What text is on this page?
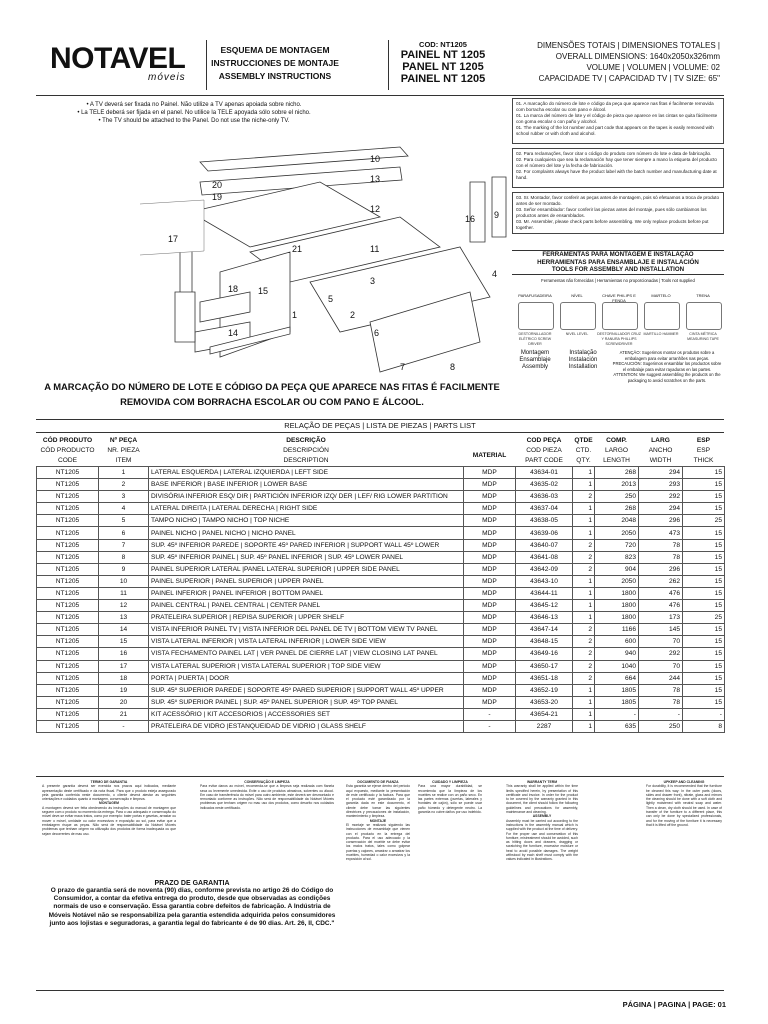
NOTAVEL
móveis
ESQUEMA DE MONTAGEM
INSTRUCCIONES DE MONTAJE
ASSEMBLY INSTRUCTIONS
COD: NT1205
PAINEL NT 1205
PANEL NT 1205
PAINEL NT 1205
DIMENSÕES TOTAIS | DIMENSIONES TOTALES |
OVERALL DIMENSIONS: 1640x2050x326mm
VOLUME | VOLUMEN | VOLUME: 02
CAPACIDADE TV | CAPACIDAD TV | TV SIZE: 65"
• A TV deverá ser fixada no Painel. Não utilize a TV apenas apoiada sobre nicho.
• La TELE deberá ser fijada en el panel. No utilice la TELE apoyada sólo sobre el nicho.
• The TV should be attached to the Panel. Do not use the niche-only TV.
10
13
20
19
17
12
16 9
11
4
3
1
5
2
6
18 15
14
7
21
8
01. A marcação do número de lote e código da peça que aparece nas fitas é facilmente removida com borracha escolar ou com pano e álcool.
01. La marca del número de lote y el código de pieza que aparece en las cintas se quita fácilmente con goma escolar o con paño y alcohol.
01. The marking of the lot number and part code that appears on the tapes is easily removed with school rubber or with cloth and alcohol.
02. Para reclamações, favor citar o código do produto com número do lote e data de fabricação.
02. Para cualquiera que sea la reclamación hay que tener siempre a mano la etiqueta del producto con el número del lote y la fecha de fabricación.
02. For complaints always have the product label with the batch number and manufacturing date at hand.
03. Sr. Montador, favor conferir as peças antes de montagem, pois só efetuamos a troca de produto antes de ser montado.
03. Señor ensamblador: favor conferir las piezas antes del montaje, pues sólo cambiamos los productos antes de ensamblados.
03. Mr. Assembler, please check parts before assembling. We only replace products before put together.
FERRAMENTAS PARA MONTAGEM E INSTALAÇÃO
HERRAMIENTAS PARA ENSAMBLAJE E INSTALACIÓN
TOOLS FOR ASSEMBLY AND INSTALLATION
Ferramentas não fornecidas | Herramientas no proporcionadas | Tools not supplied
PARAFUSADEIRA	NÍVEL	CHAVE PHILIPS E FENDA
MARTELO	TRENA
DESTORNILLADOR ELÉTRICO SCREW DRIVER
NIVEL LEVEL	DESTORNILLADOR CRUZ Y RANURA PHILLIPS SCREWDRIVER
MARTILLO HAMMER	CINTA MÉTRICA MEASURING TAPE
Montagem
Ensamblaje
Assembly
Instalação
Instalación
Installation
ATENÇÃO: Sugerimos montar os produtos sobre a embalagem para evitar arranhões nas peças.
PRECAUCIÓN: Sugerimos ensamblar los productos sobre el embalaje para evitar rayaduras en las partes.
ATTENTION: We suggest assembling the products on the packaging to avoid scratches on the parts.
A MARCAÇÃO DO NÚMERO DE LOTE E CÓDIGO DA PEÇA QUE APARECE NAS FITAS É FACILMENTE REMOVIDA COM BORRACHA ESCOLAR OU COM PANO E ÁLCOOL.
RELAÇÃO DE PEÇAS | LISTA DE PIEZAS | PARTS LIST
CÓD PRODUTO
CÓD PRODUCTO
CODE	Nº PEÇA
NR. PIEZA
ITEM	DESCRIÇÃO
DESCRIPCIÓN
DESCRIPTION	MATERIAL	COD PEÇA
COD PIEZA
PART CODE	QTDE
CTD.
QTY.	COMP.
LARGO
LENGTH	LARG
ANCHO
WIDTH	ESP
ESP
THICK
NT1205	1	LATERAL ESQUERDA | LATERAL IZQUIERDA | LEFT SIDE	MDP	43634-01	1	268	294	15
NT1205	2	BASE INFERIOR | BASE INFERIOR | LOWER BASE	MDP	43635-02	1	2013	293	15
NT1205	3	DIVISÓRIA INFERIOR ESQ/ DIR | PARTICIÓN INFERIOR IZQ/ DER | LEF/ RIG LOWER PARTITION	MDP	43636-03	2	250	292	15
NT1205	4	LATERAL DIREITA | LATERAL DERECHA | RIGHT SIDE	MDP	43637-04	1	268	294	15
NT1205	5	TAMPO NICHO | TAMPO NICHO | TOP NICHE	MDP	43638-05	1	2048	296	25
NT1205	6	PAINEL NICHO | PANEL NICHO | NICHO PANEL	MDP	43639-06	1	2050	473	15
NT1205	7	SUP. 45º INFERIOR PAREDE | SOPORTE 45º PARED INFERIOR | SUPPORT WALL 45º LOWER	MDP	43640-07	2	720	78	15
NT1205	8	SUP. 45º INFERIOR PAINEL | SUP. 45º PANEL INFERIOR | SUP. 45º LOWER PANEL	MDP	43641-08	2	823	78	15
NT1205	9	PAINEL SUPERIOR LATERAL |PANEL LATERAL SUPERIOR | UPPER SIDE PANEL	MDP	43642-09	2	904	296	15
NT1205	10	PAINEL SUPERIOR | PANEL SUPERIOR | UPPER PANEL	MDP	43643-10	1	2050	262	15
NT1205	11	PAINEL INFERIOR | PANEL INFERIOR | BOTTOM PANEL	MDP	43644-11	1	1800	476	15
NT1205	12	PAINEL CENTRAL | PANEL CENTRAL | CENTER PANEL	MDP	43645-12	1	1800	476	15
NT1205	13	PRATELEIRA SUPERIOR | REPISA SUPERIOR | UPPER SHELF	MDP	43646-13	1	1800	173	25
NT1205	14	VISTA INFERIOR PAINEL TV | VISTA INFERIOR DEL PANEL DE TV | BOTTOM VIEW TV PANEL	MDP	43647-14	2	1166	145	15
NT1205	15	VISTA LATERAL INFERIOR | VISTA LATERAL INFERIOR | LOWER SIDE VIEW	MDP	43648-15	2	600	70	15
NT1205	16	VISTA FECHAMENTO PAINEL LAT | VER PANEL DE CIERRE LAT | VIEW CLOSING LAT PANEL	MDP	43649-16	2	940	292	15
NT1205	17	VISTA LATERAL SUPERIOR | VISTA LATERAL SUPERIOR | TOP SIDE VIEW	MDP	43650-17	2	1040	70	15
NT1205	18	PORTA | PUERTA | DOOR	MDP	43651-18	2	664	244	15
NT1205	19	SUP. 45º SUPERIOR PAREDE | SOPORTE 45º PARED SUPERIOR | SUPPORT WALL 45º UPPER	MDP	43652-19	1	1805	78	15
NT1205	20	SUP. 45º SUPERIOR PAINEL | SUP. 45º PANEL SUPERIOR | SUP. 45º TOP PANEL	MDP	43653-20	1	1805	78	15
NT1205	21	KIT ACESSÓRIO | KIT ACCESORIOS | ACCESSORIES SET	-	43654-21	1	-	-	-
NT1205	-	PRATELEIRA DE VIDRO |ESTANQUEIDAD DE VIDRIO | GLASS SHELF	-	2287	1	635	250	8
TERMO DE GARANTIA
A presente garantia deverá ser exercida nos prazos aqui indicados, mediante apresentação deste certificado e da nota fiscal. Para que o produto esteja assegurado pela garantia conferida neste documento, o cliente deverá atestar as seguintes orientações e cuidados quanto à montagem, conservação e limpeza.
MONTAGEM
A montagem deverá ser feita obedecendo às instruções do manual de montagem que seguem com o produto no momento da entrega. Para o uso adequado e conservação do móvel deve-se evitar maus tratos, como por exemplo: bater portas e gavetas, arrastar ou mover o móvel, umidade ou calor excessivos e exposição ao sol, para evitar que a embalagem risque as peças. Não será de responsabilidade da Notável Móveis problemas que tenham origem na utilização dos produtos de forma inadequada ou que sejam decorrentes de mau uso.
CONSERVAÇÃO E LIMPEZA
Para evitar danos ao móvel, recomenda-se que a limpeza seja realizada com flanela seca ou levemente umedecida. Evite o uso de produtos abrasivos, solventes ou álcool. Em caso de transferência do móvel para outro ambiente, este deverá ser desmontado e remontado conforme as instruções. Não será de responsabilidade da Notável Móveis problemas que tenham origem no mau uso dos produtos, como descrito nos cuidados indicados neste certificado.
PRAZO DE GARANTIA
O prazo de garantia será de noventa (90) dias, conforme prevista no artigo 26 do Código do Consumidor, a contar da efetiva entrega do produto, desde que observadas as condições normais de uso e conservação. Essa garantia cobre defeitos de fabricação. A Indústria de Móveis Notável não se responsabiliza pela garantia estendida adquirida pelos consumidores junto aos lojistas e seguradoras, a garantia legal do fabricante é de 90 dias. Art. 26, II, CDC."
DOCUMENTO DE FIANZA
Esta garantía se ejerce dentro del periodo aquí expuesto, mediante la presentación de este certificado y la factura. Para que el producto esté garantizado por la garantía dada en este documento, el cliente debe tomar las siguientes directrices y precauciones de instalación, mantenimiento y limpieza.
MONTAJE
El montaje se realizará siguiendo las instrucciones de ensamblaje que vienen con el producto en la entrega del producto. Para el uso adecuado y la conservación del mueble se debe evitar los malos tratos, tales como golpear puertas y cajones, arrastrar o arrastrar los muebles, humedad o calor excesivos y la exposición al sol.
CUIDADO Y LIMPIEZA
Para una mayor durabilidad, se recomienda que la limpieza de los muebles se realice con un paño seco. En las partes externas (puertas, laterales y frontales de cajón), sólo se puede usar paño húmedo y detergente neutro. La garantía no cubre daños por uso indebido.
WARRANTY TERM
This warranty shall be applied within the time limits specified herein, by presentation of this certificate and invoice. In order for the product to be covered by the warranty granted in this document, the client should follow the following guidelines and precautions for assembly, maintenance and cleaning.
ASSEMBLY
Assembly must be carried out according to the instructions in the assembly manual which is supplied with the product at the time of delivery. For the proper use and conservation of this furniture, mistreatment should be avoided, such as hitting doors and drawers, dragging or scratching the furniture, excessive moisture or heat to avoid possible damages. The weight withstood by each shelf must comply with the values indicated in illustrations.
UPKEEP AND CLEANING
For durability, it is recommended that the furniture be cleaned this way: In the outer parts (doors, sides and drawer front), nitrate, glass and mirrors the cleaning should be done with a soft cloth and lightly moistened with neutral soap and water. Then a clean, dry cloth should be used. In case of transfer of the furniture to a different place, this can only be done by specialized professionals, and for the moving of the furniture it is necessary that it is lifted off the ground.
PÁGINA | PAGINA | PAGE: 01
